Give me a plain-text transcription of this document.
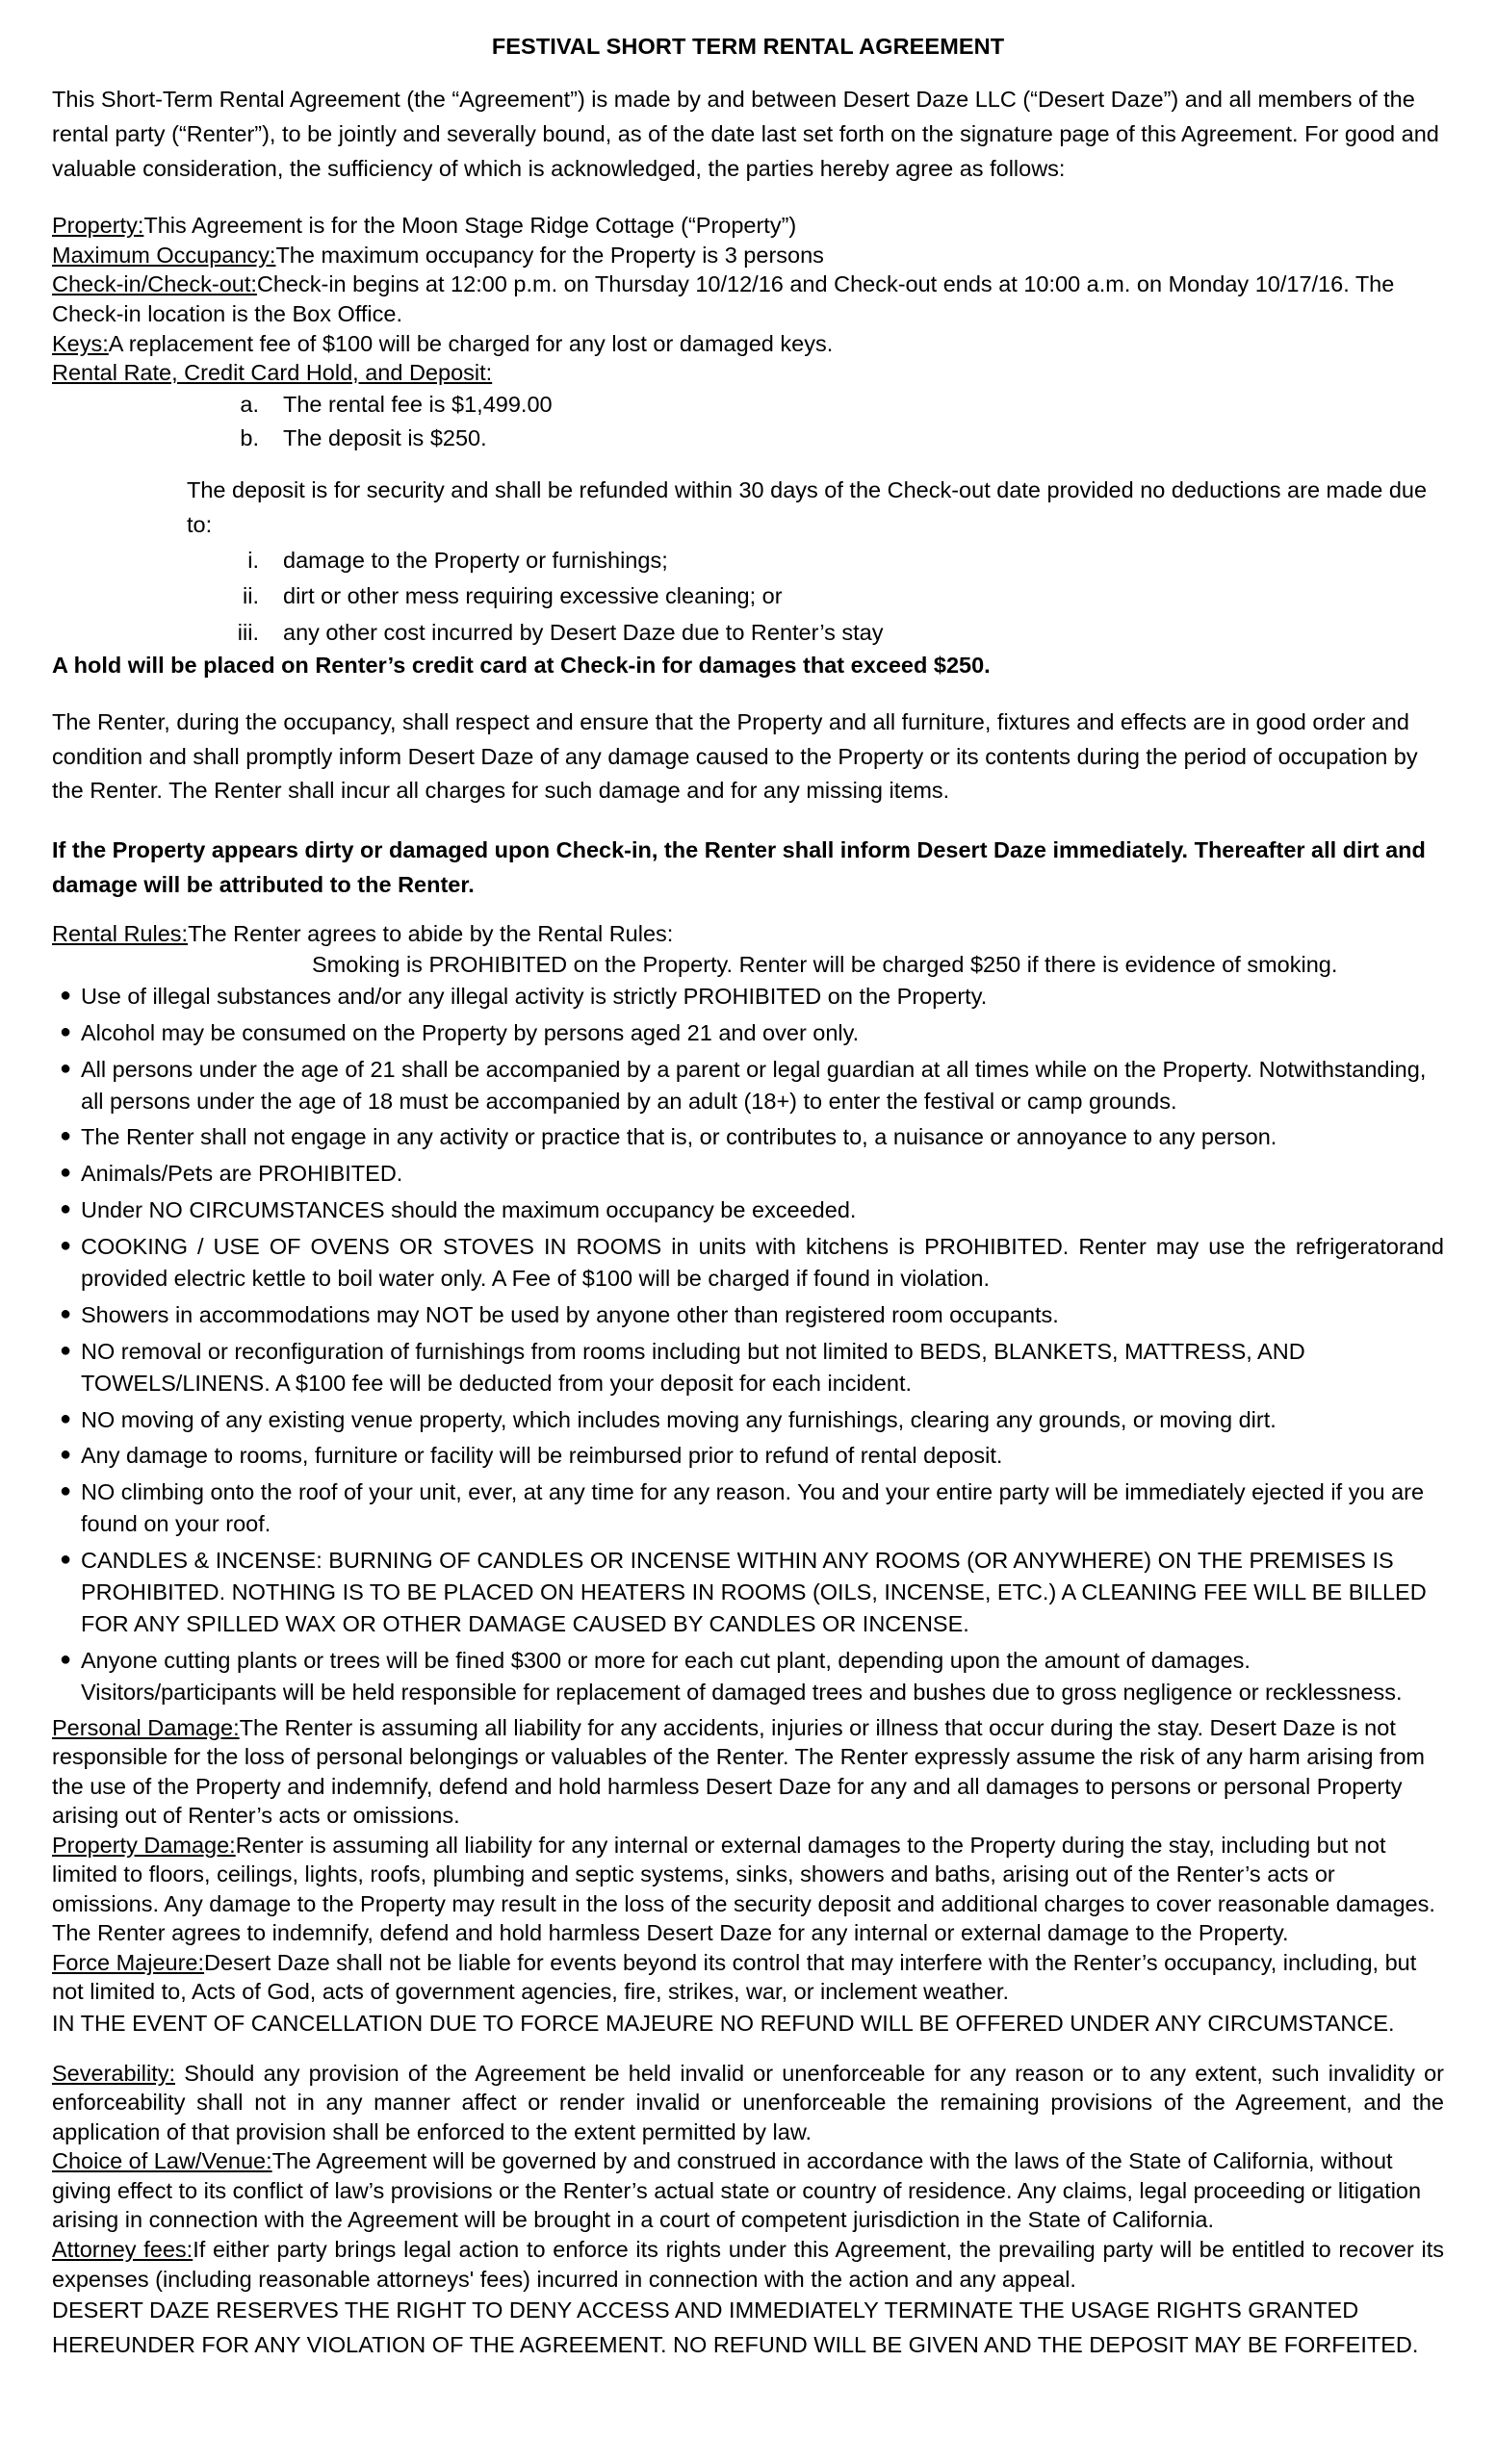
FESTIVAL SHORT TERM RENTAL AGREEMENT

This Short-Term Rental Agreement (the “Agreement”) is made by and between Desert Daze LLC (“Desert Daze”) and all members of the rental party (“Renter”), to be jointly and severally bound, as of the date last set forth on the signature page of this Agreement. For good and valuable consideration, the sufficiency of which is acknowledged, the parties hereby agree as follows:

Property:This Agreement is for the Moon Stage Ridge Cottage (“Property”)

Maximum Occupancy:The maximum occupancy for the Property is 3 persons

Check-in/Check-out:Check-in begins at 12:00 p.m. on Thursday 10/12/16 and Check-out ends at 10:00 a.m. on Monday 10/17/16. The Check-in location is the Box Office.

Keys:A replacement fee of $100 will be charged for any lost or damaged keys.

Rental Rate, Credit Card Hold, and Deposit:

a. The rental fee is $1,499.00
b. The deposit is $250.
The deposit is for security and shall be refunded within 30 days of the Check-out date provided no deductions are made due to:
i. damage to the Property or furnishings;
ii. dirt or other mess requiring excessive cleaning; or
iii. any other cost incurred by Desert Daze due to Renter’s stay

A hold will be placed on Renter’s credit card at Check-in for damages that exceed $250.

The Renter, during the occupancy, shall respect and ensure that the Property and all furniture, fixtures and effects are in good order and condition and shall promptly inform Desert Daze of any damage caused to the Property or its contents during the period of occupation by the Renter. The Renter shall incur all charges for such damage and for any missing items.

If the Property appears dirty or damaged upon Check-in, the Renter shall inform Desert Daze immediately. Thereafter all dirt and damage will be attributed to the Renter.

Rental Rules:The Renter agrees to abide by the Rental Rules:

Smoking is PROHIBITED on the Property. Renter will be charged $250 if there is evidence of smoking.

● Use of illegal substances and/or any illegal activity is strictly PROHIBITED on the Property.
● Alcohol may be consumed on the Property by persons aged 21 and over only.
● All persons under the age of 21 shall be accompanied by a parent or legal guardian at all times while on the Property. Notwithstanding, all persons under the age of 18 must be accompanied by an adult (18+) to enter the festival or camp grounds.
● The Renter shall not engage in any activity or practice that is, or contributes to, a nuisance or annoyance to any person.
● Animals/Pets are PROHIBITED.
● Under NO CIRCUMSTANCES should the maximum occupancy be exceeded.
● COOKING / USE OF OVENS OR STOVES IN ROOMS in units with kitchens is PROHIBITED. Renter may use the refrigeratorand provided electric kettle to boil water only. A Fee of $100 will be charged if found in violation.
● Showers in accommodations may NOT be used by anyone other than registered room occupants.
● NO removal or reconfiguration of furnishings from rooms including but not limited to BEDS, BLANKETS, MATTRESS, AND TOWELS/LINENS. A $100 fee will be deducted from your deposit for each incident.
● NO moving of any existing venue property, which includes moving any furnishings, clearing any grounds, or moving dirt.
● Any damage to rooms, furniture or facility will be reimbursed prior to refund of rental deposit.
● NO climbing onto the roof of your unit, ever, at any time for any reason. You and your entire party will be immediately ejected if you are found on your roof.
● CANDLES & INCENSE: BURNING OF CANDLES OR INCENSE WITHIN ANY ROOMS (OR ANYWHERE) ON THE PREMISES IS PROHIBITED. NOTHING IS TO BE PLACED ON HEATERS IN ROOMS (OILS, INCENSE, ETC.) A CLEANING FEE WILL BE BILLED FOR ANY SPILLED WAX OR OTHER DAMAGE CAUSED BY CANDLES OR INCENSE.
● Anyone cutting plants or trees will be fined $300 or more for each cut plant, depending upon the amount of damages. Visitors/participants will be held responsible for replacement of damaged trees and bushes due to gross negligence or recklessness.

Personal Damage:The Renter is assuming all liability for any accidents, injuries or illness that occur during the stay. Desert Daze is not responsible for the loss of personal belongings or valuables of the Renter. The Renter expressly assume the risk of any harm arising from the use of the Property and indemnify, defend and hold harmless Desert Daze for any and all damages to persons or personal Property arising out of Renter’s acts or omissions.

Property Damage:Renter is assuming all liability for any internal or external damages to the Property during the stay, including but not limited to floors, ceilings, lights, roofs, plumbing and septic systems, sinks, showers and baths, arising out of the Renter’s acts or omissions. Any damage to the Property may result in the loss of the security deposit and additional charges to cover reasonable damages. The Renter agrees to indemnify, defend and hold harmless Desert Daze for any internal or external damage to the Property.

Force Majeure:Desert Daze shall not be liable for events beyond its control that may interfere with the Renter’s occupancy, including, but not limited to, Acts of God, acts of government agencies, fire, strikes, war, or inclement weather.

IN THE EVENT OF CANCELLATION DUE TO FORCE MAJEURE NO REFUND WILL BE OFFERED UNDER ANY CIRCUMSTANCE.

Severability: Should any provision of the Agreement be held invalid or unenforceable for any reason or to any extent, such invalidity or enforceability shall not in any manner affect or render invalid or unenforceable the remaining provisions of the Agreement, and the application of that provision shall be enforced to the extent permitted by law.

Choice of Law/Venue:The Agreement will be governed by and construed in accordance with the laws of the State of California, without giving effect to its conflict of law’s provisions or the Renter’s actual state or country of residence. Any claims, legal proceeding or litigation arising in connection with the Agreement will be brought in a court of competent jurisdiction in the State of California.

Attorney fees:If either party brings legal action to enforce its rights under this Agreement, the prevailing party will be entitled to recover its expenses (including reasonable attorneys' fees) incurred in connection with the action and any appeal.

DESERT DAZE RESERVES THE RIGHT TO DENY ACCESS AND IMMEDIATELY TERMINATE THE USAGE RIGHTS GRANTED HEREUNDER FOR ANY VIOLATION OF THE AGREEMENT. NO REFUND WILL BE GIVEN AND THE DEPOSIT MAY BE FORFEITED.
